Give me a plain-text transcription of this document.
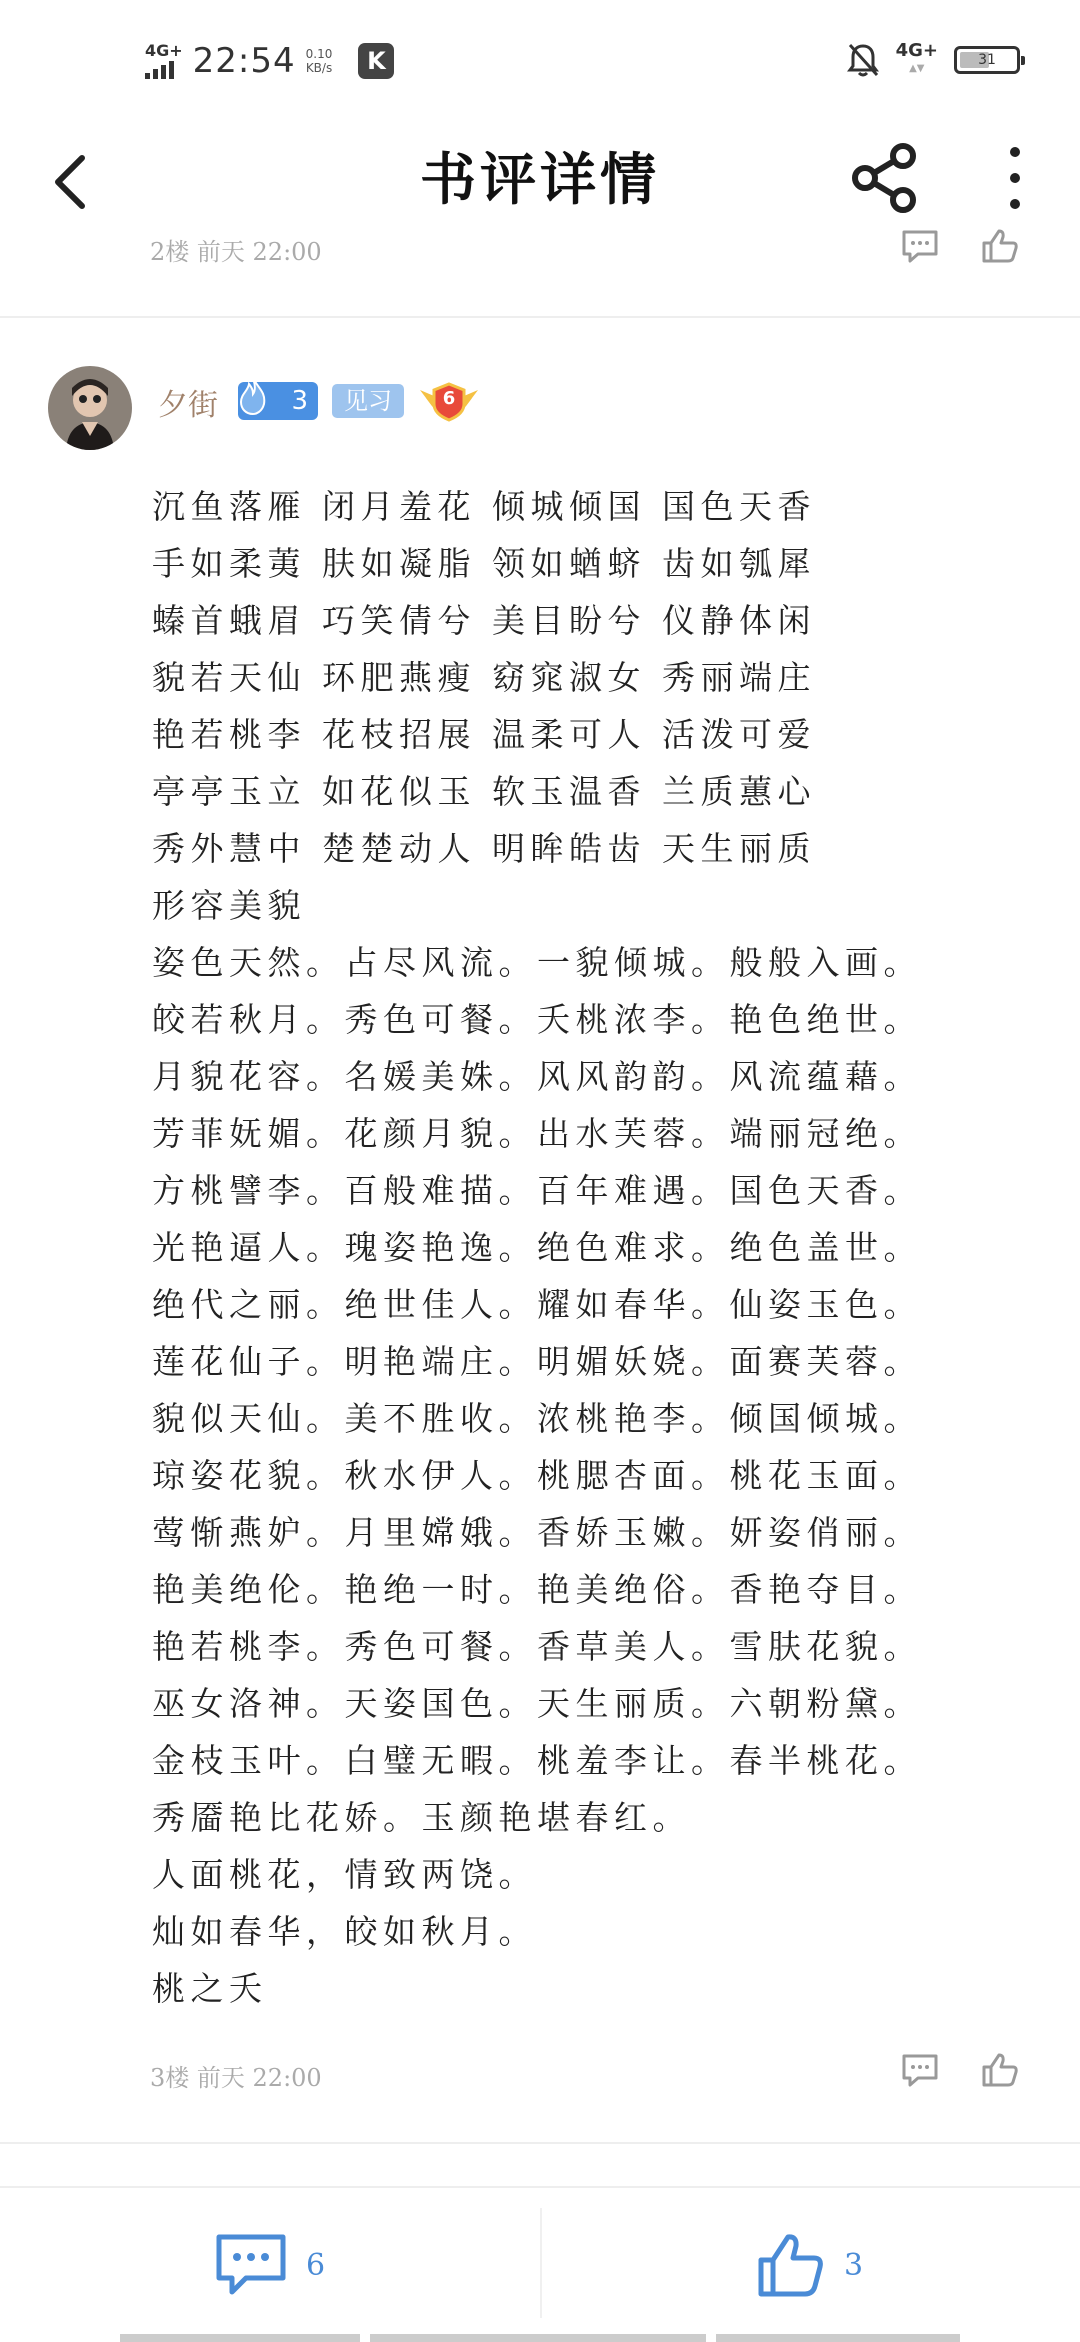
4G+ 22:54 0.10
KB/s	K	4G+
▲▼
31
书评详情
2楼 前天 22:00
夕街	3	见习	6
沉鱼落雁 闭月羞花 倾城倾国 国色天香
手如柔荑 肤如凝脂 领如蝤蛴 齿如瓠犀
螓首蛾眉 巧笑倩兮 美目盼兮 仪静体闲
貌若天仙 环肥燕瘦 窈窕淑女 秀丽端庄
艳若桃李 花枝招展 温柔可人 活泼可爱
亭亭玉立 如花似玉 软玉温香 兰质蕙心
秀外慧中 楚楚动人 明眸皓齿 天生丽质
形容美貌
姿色天然。占尽风流。一貌倾城。般般入画。
皎若秋月。秀色可餐。夭桃浓李。艳色绝世。
月貌花容。名媛美姝。风风韵韵。风流蕴藉。
芳菲妩媚。花颜月貌。出水芙蓉。端丽冠绝。
方桃譬李。百般难描。百年难遇。国色天香。
光艳逼人。瑰姿艳逸。绝色难求。绝色盖世。
绝代之丽。绝世佳人。耀如春华。仙姿玉色。
莲花仙子。明艳端庄。明媚妖娆。面赛芙蓉。
貌似天仙。美不胜收。浓桃艳李。倾国倾城。
琼姿花貌。秋水伊人。桃腮杏面。桃花玉面。
莺惭燕妒。月里嫦娥。香娇玉嫩。妍姿俏丽。
艳美绝伦。艳绝一时。艳美绝俗。香艳夺目。
艳若桃李。秀色可餐。香草美人。雪肤花貌。
巫女洛神。天姿国色。天生丽质。六朝粉黛。
金枝玉叶。白璧无暇。桃羞李让。春半桃花。
秀靥艳比花娇。玉颜艳堪春红。
人面桃花，情致两饶。
灿如春华，皎如秋月。
桃之夭
3楼 前天 22:00
6	3
